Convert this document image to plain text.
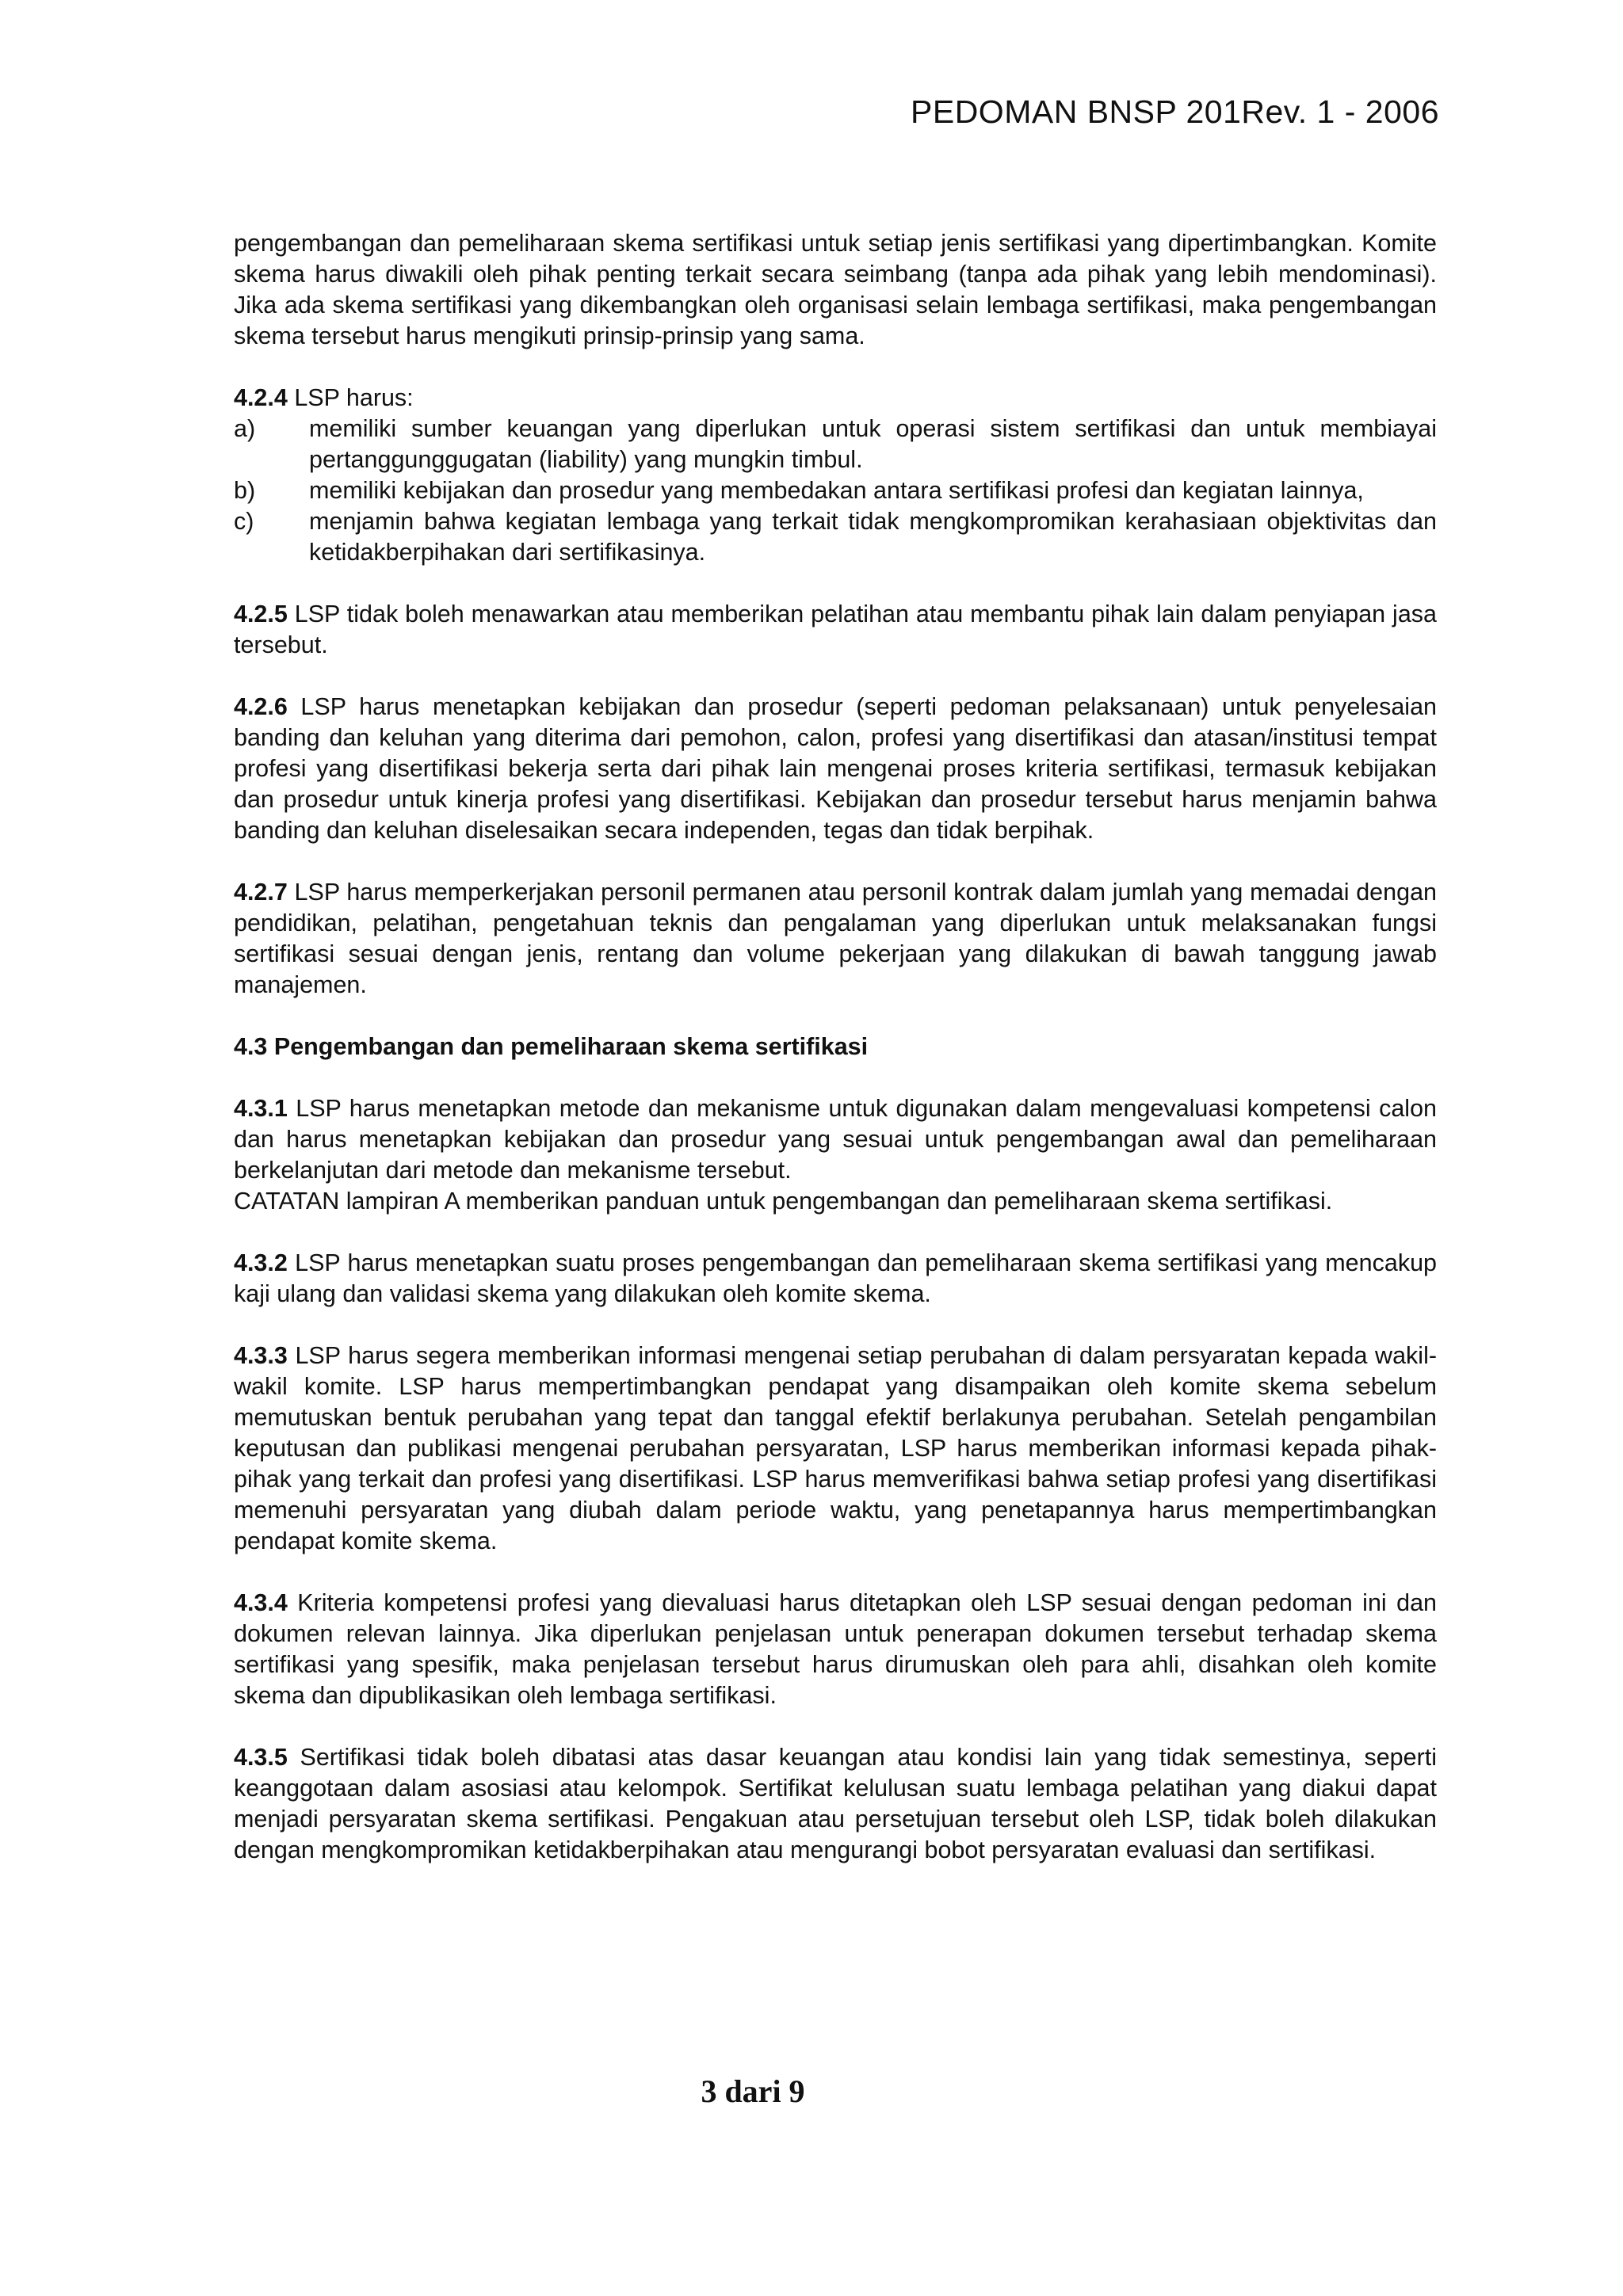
PEDOMAN BNSP 201Rev. 1 - 2006

pengembangan dan pemeliharaan skema sertifikasi untuk setiap jenis sertifikasi yang dipertimbangkan. Komite skema harus diwakili oleh pihak penting terkait secara seimbang (tanpa ada pihak yang lebih mendominasi). Jika ada skema sertifikasi yang dikembangkan oleh organisasi selain lembaga sertifikasi, maka pengembangan skema tersebut harus mengikuti prinsip-prinsip yang sama.

4.2.4 LSP harus:

a) memiliki sumber keuangan yang diperlukan untuk operasi sistem sertifikasi dan untuk membiayai pertanggunggugatan (liability) yang mungkin timbul.
b) memiliki kebijakan dan prosedur yang membedakan antara sertifikasi profesi dan kegiatan lainnya,
c) menjamin bahwa kegiatan lembaga yang terkait tidak mengkompromikan kerahasiaan objektivitas dan ketidakberpihakan dari sertifikasinya.

4.2.5 LSP tidak boleh menawarkan atau memberikan pelatihan atau membantu pihak lain dalam penyiapan jasa tersebut.

4.2.6 LSP harus menetapkan kebijakan dan prosedur (seperti pedoman pelaksanaan) untuk penyelesaian banding dan keluhan yang diterima dari pemohon, calon, profesi yang disertifikasi dan atasan/institusi tempat profesi yang disertifikasi bekerja serta dari pihak lain mengenai proses kriteria sertifikasi, termasuk kebijakan dan prosedur untuk kinerja profesi yang disertifikasi. Kebijakan dan prosedur tersebut harus menjamin bahwa banding dan keluhan diselesaikan secara independen, tegas dan tidak berpihak.

4.2.7 LSP harus memperkerjakan personil permanen atau personil kontrak dalam jumlah yang memadai dengan pendidikan, pelatihan, pengetahuan teknis dan pengalaman yang diperlukan untuk melaksanakan fungsi sertifikasi sesuai dengan jenis, rentang dan volume pekerjaan yang dilakukan di bawah tanggung jawab manajemen.

4.3 Pengembangan dan pemeliharaan skema sertifikasi

4.3.1 LSP harus menetapkan metode dan mekanisme untuk digunakan dalam mengevaluasi kompetensi calon dan harus menetapkan kebijakan dan prosedur yang sesuai untuk pengembangan awal dan pemeliharaan berkelanjutan dari metode dan mekanisme tersebut.

CATATAN lampiran A memberikan panduan untuk pengembangan dan pemeliharaan skema sertifikasi.

4.3.2 LSP harus menetapkan suatu proses pengembangan dan pemeliharaan skema sertifikasi yang mencakup kaji ulang dan validasi skema yang dilakukan oleh komite skema.

4.3.3 LSP harus segera memberikan informasi mengenai setiap perubahan di dalam persyaratan kepada wakil-wakil komite. LSP harus mempertimbangkan pendapat yang disampaikan oleh komite skema sebelum memutuskan bentuk perubahan yang tepat dan tanggal efektif berlakunya perubahan. Setelah pengambilan keputusan dan publikasi mengenai perubahan persyaratan, LSP harus memberikan informasi kepada pihak-pihak yang terkait dan profesi yang disertifikasi. LSP harus memverifikasi bahwa setiap profesi yang disertifikasi memenuhi persyaratan yang diubah dalam periode waktu, yang penetapannya harus mempertimbangkan pendapat komite skema.

4.3.4 Kriteria kompetensi profesi yang dievaluasi harus ditetapkan oleh LSP sesuai dengan pedoman ini dan dokumen relevan lainnya. Jika diperlukan penjelasan untuk penerapan dokumen tersebut terhadap skema sertifikasi yang spesifik, maka penjelasan tersebut harus dirumuskan oleh para ahli, disahkan oleh komite skema dan dipublikasikan oleh lembaga sertifikasi.

4.3.5 Sertifikasi tidak boleh dibatasi atas dasar keuangan atau kondisi lain yang tidak semestinya, seperti keanggotaan dalam asosiasi atau kelompok. Sertifikat kelulusan suatu lembaga pelatihan yang diakui dapat menjadi persyaratan skema sertifikasi. Pengakuan atau persetujuan tersebut oleh LSP, tidak boleh dilakukan dengan mengkompromikan ketidakberpihakan atau mengurangi bobot persyaratan evaluasi dan sertifikasi.

3 dari 9
